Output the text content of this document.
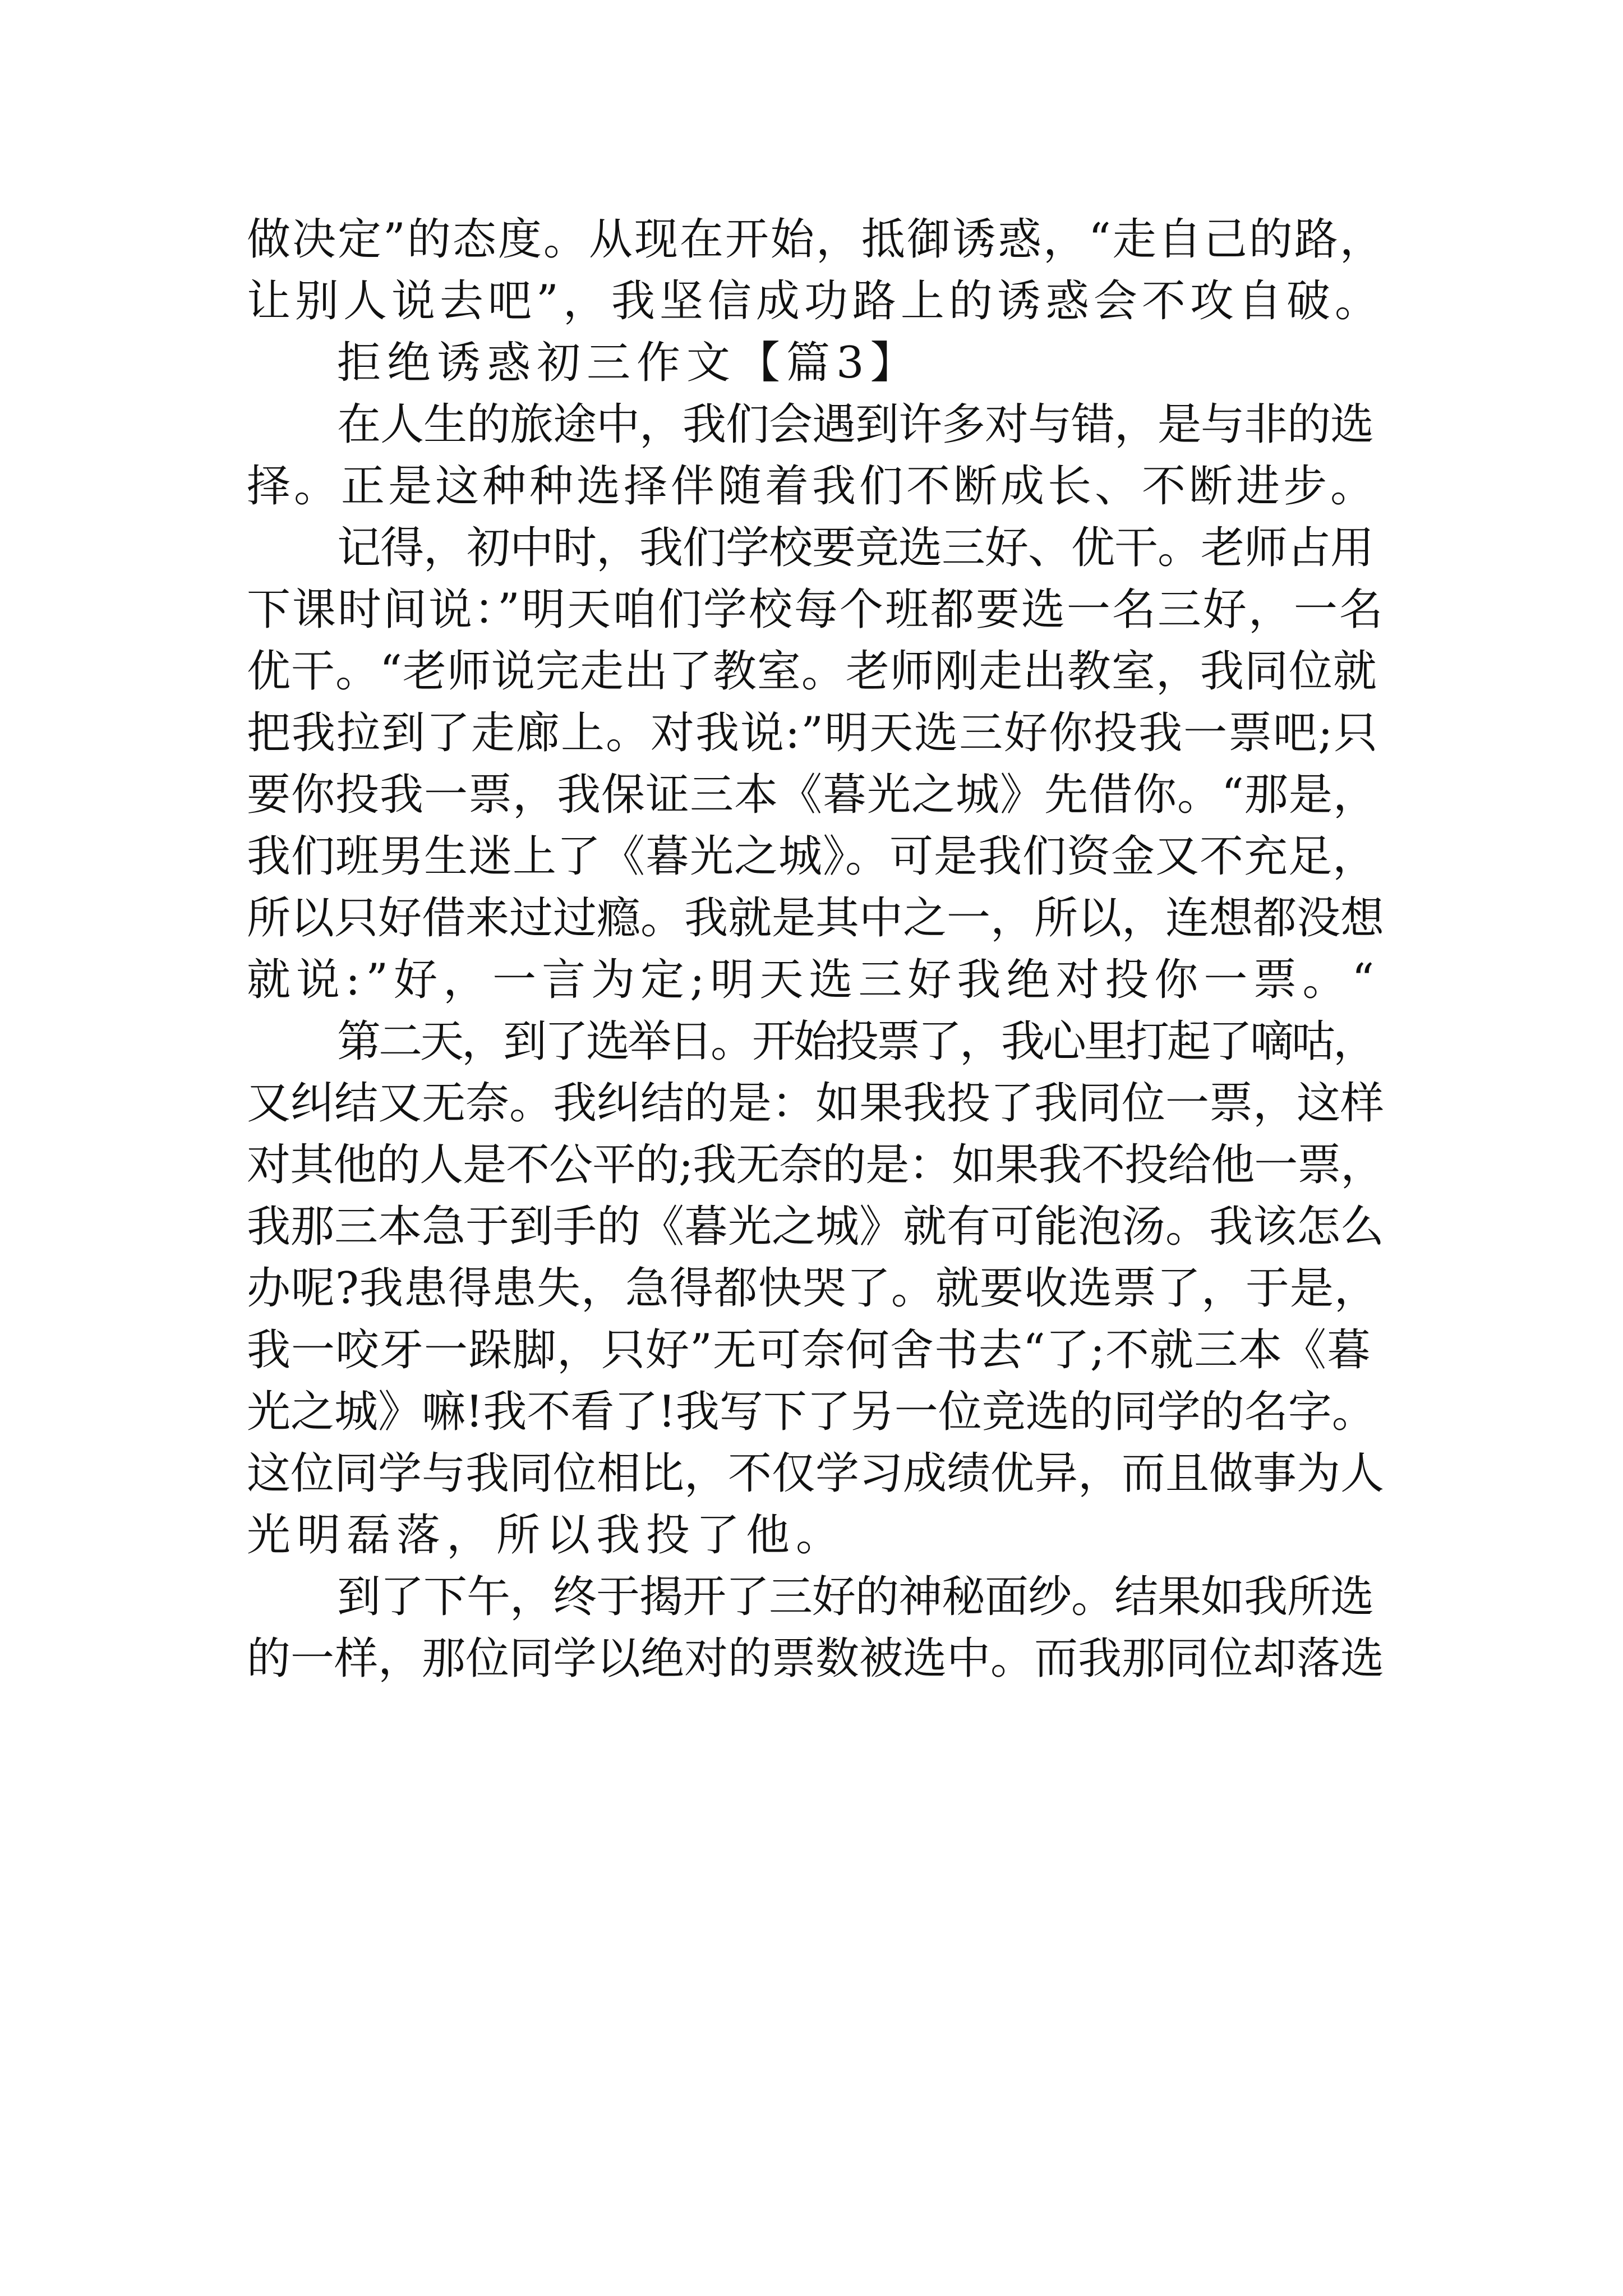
做决定”的态度。从现在开始，抵御诱惑，“走自己的路，
让别人说去吧”，我坚信成功路上的诱惑会不攻自破。
拒绝诱惑初三作文【篇3】
在人生的旅途中，我们会遇到许多对与错，是与非的选
择。正是这种种选择伴随着我们不断成长、不断进步。
记得，初中时，我们学校要竞选三好、优干。老师占用
下课时间说：”明天咱们学校每个班都要选一名三好，一名
优干。“老师说完走出了教室。老师刚走出教室，我同位就
把我拉到了走廊上。对我说:”明天选三好你投我一票吧;只
要你投我一票，我保证三本《暮光之城》先借你。“那是，
我们班男生迷上了《暮光之城》。可是我们资金又不充足，
所以只好借来过过瘾。我就是其中之一，所以，连想都没想
就说:”好，一言为定;明天选三好我绝对投你一票。“
第二天，到了选举日。开始投票了，我心里打起了嘀咕，
又纠结又无奈。我纠结的是：如果我投了我同位一票，这样
对其他的人是不公平的;我无奈的是：如果我不投给他一票，
我那三本急于到手的《暮光之城》就有可能泡汤。我该怎么
办呢?我患得患失，急得都快哭了。就要收选票了，于是，
我一咬牙一跺脚，只好”无可奈何舍书去“了;不就三本《暮
光之城》嘛!我不看了!我写下了另一位竞选的同学的名字。
这位同学与我同位相比，不仅学习成绩优异，而且做事为人
光明磊落，所以我投了他。
到了下午，终于揭开了三好的神秘面纱。结果如我所选
的一样，那位同学以绝对的票数被选中。而我那同位却落选
